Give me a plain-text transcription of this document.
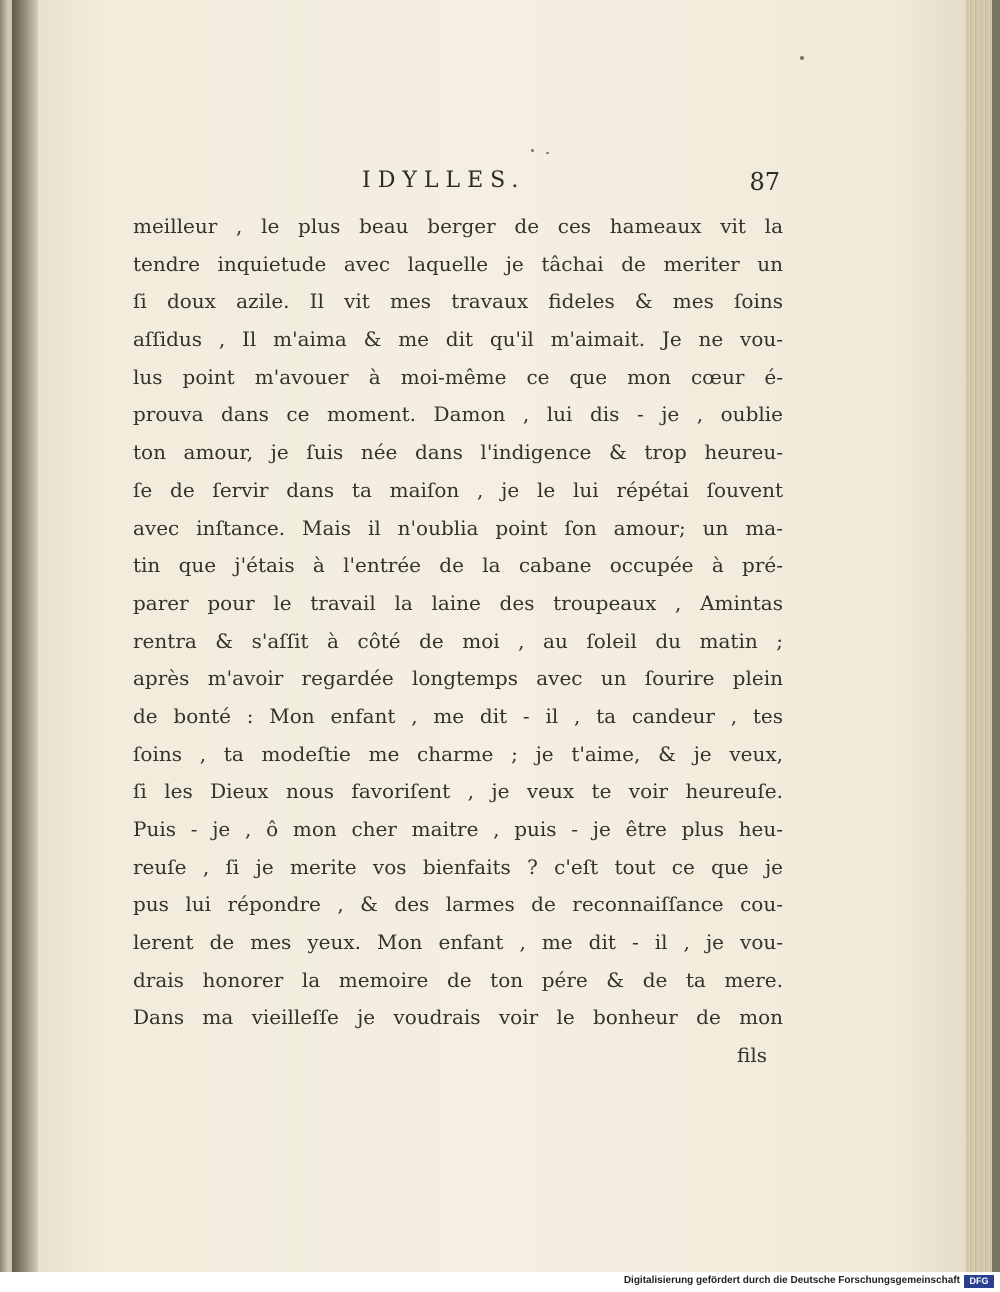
IDYLLES.	87
meilleur , le plus beau berger de ces hameaux vit la
tendre inquietude avec laquelle je tâchai de meriter un
ſi doux azile. Il vit mes travaux fideles & mes ſoins
aſſidus , Il m'aima & me dit qu'il m'aimait. Je ne vou-
lus point m'avouer à moi-même ce que mon cœur é-
prouva dans ce moment. Damon , lui dis - je , oublie
ton amour, je ſuis née dans l'indigence & trop heureu-
ſe de ſervir dans ta maiſon , je le lui répétai ſouvent
avec inſtance. Mais il n'oublia point ſon amour; un ma-
tin que j'étais à l'entrée de la cabane occupée à pré-
parer pour le travail la laine des troupeaux , Amintas
rentra & s'aſſit à côté de moi , au ſoleil du matin ;
après m'avoir regardée longtemps avec un ſourire plein
de bonté : Mon enfant , me dit - il , ta candeur , tes
ſoins , ta modeſtie me charme ; je t'aime, & je veux,
ſi les Dieux nous favoriſent , je veux te voir heureuſe.
Puis - je , ô mon cher maitre , puis - je être plus heu-
reuſe , ſi je merite vos bienfaits ? c'eſt tout ce que je
pus lui répondre , & des larmes de reconnaiſſance cou-
lerent de mes yeux. Mon enfant , me dit - il , je vou-
drais honorer la memoire de ton pére & de ta mere.
Dans ma vieilleſſe je voudrais voir le bonheur de mon
fils
Digitalisierung gefördert durch die Deutsche Forschungsgemeinschaft	DFG
